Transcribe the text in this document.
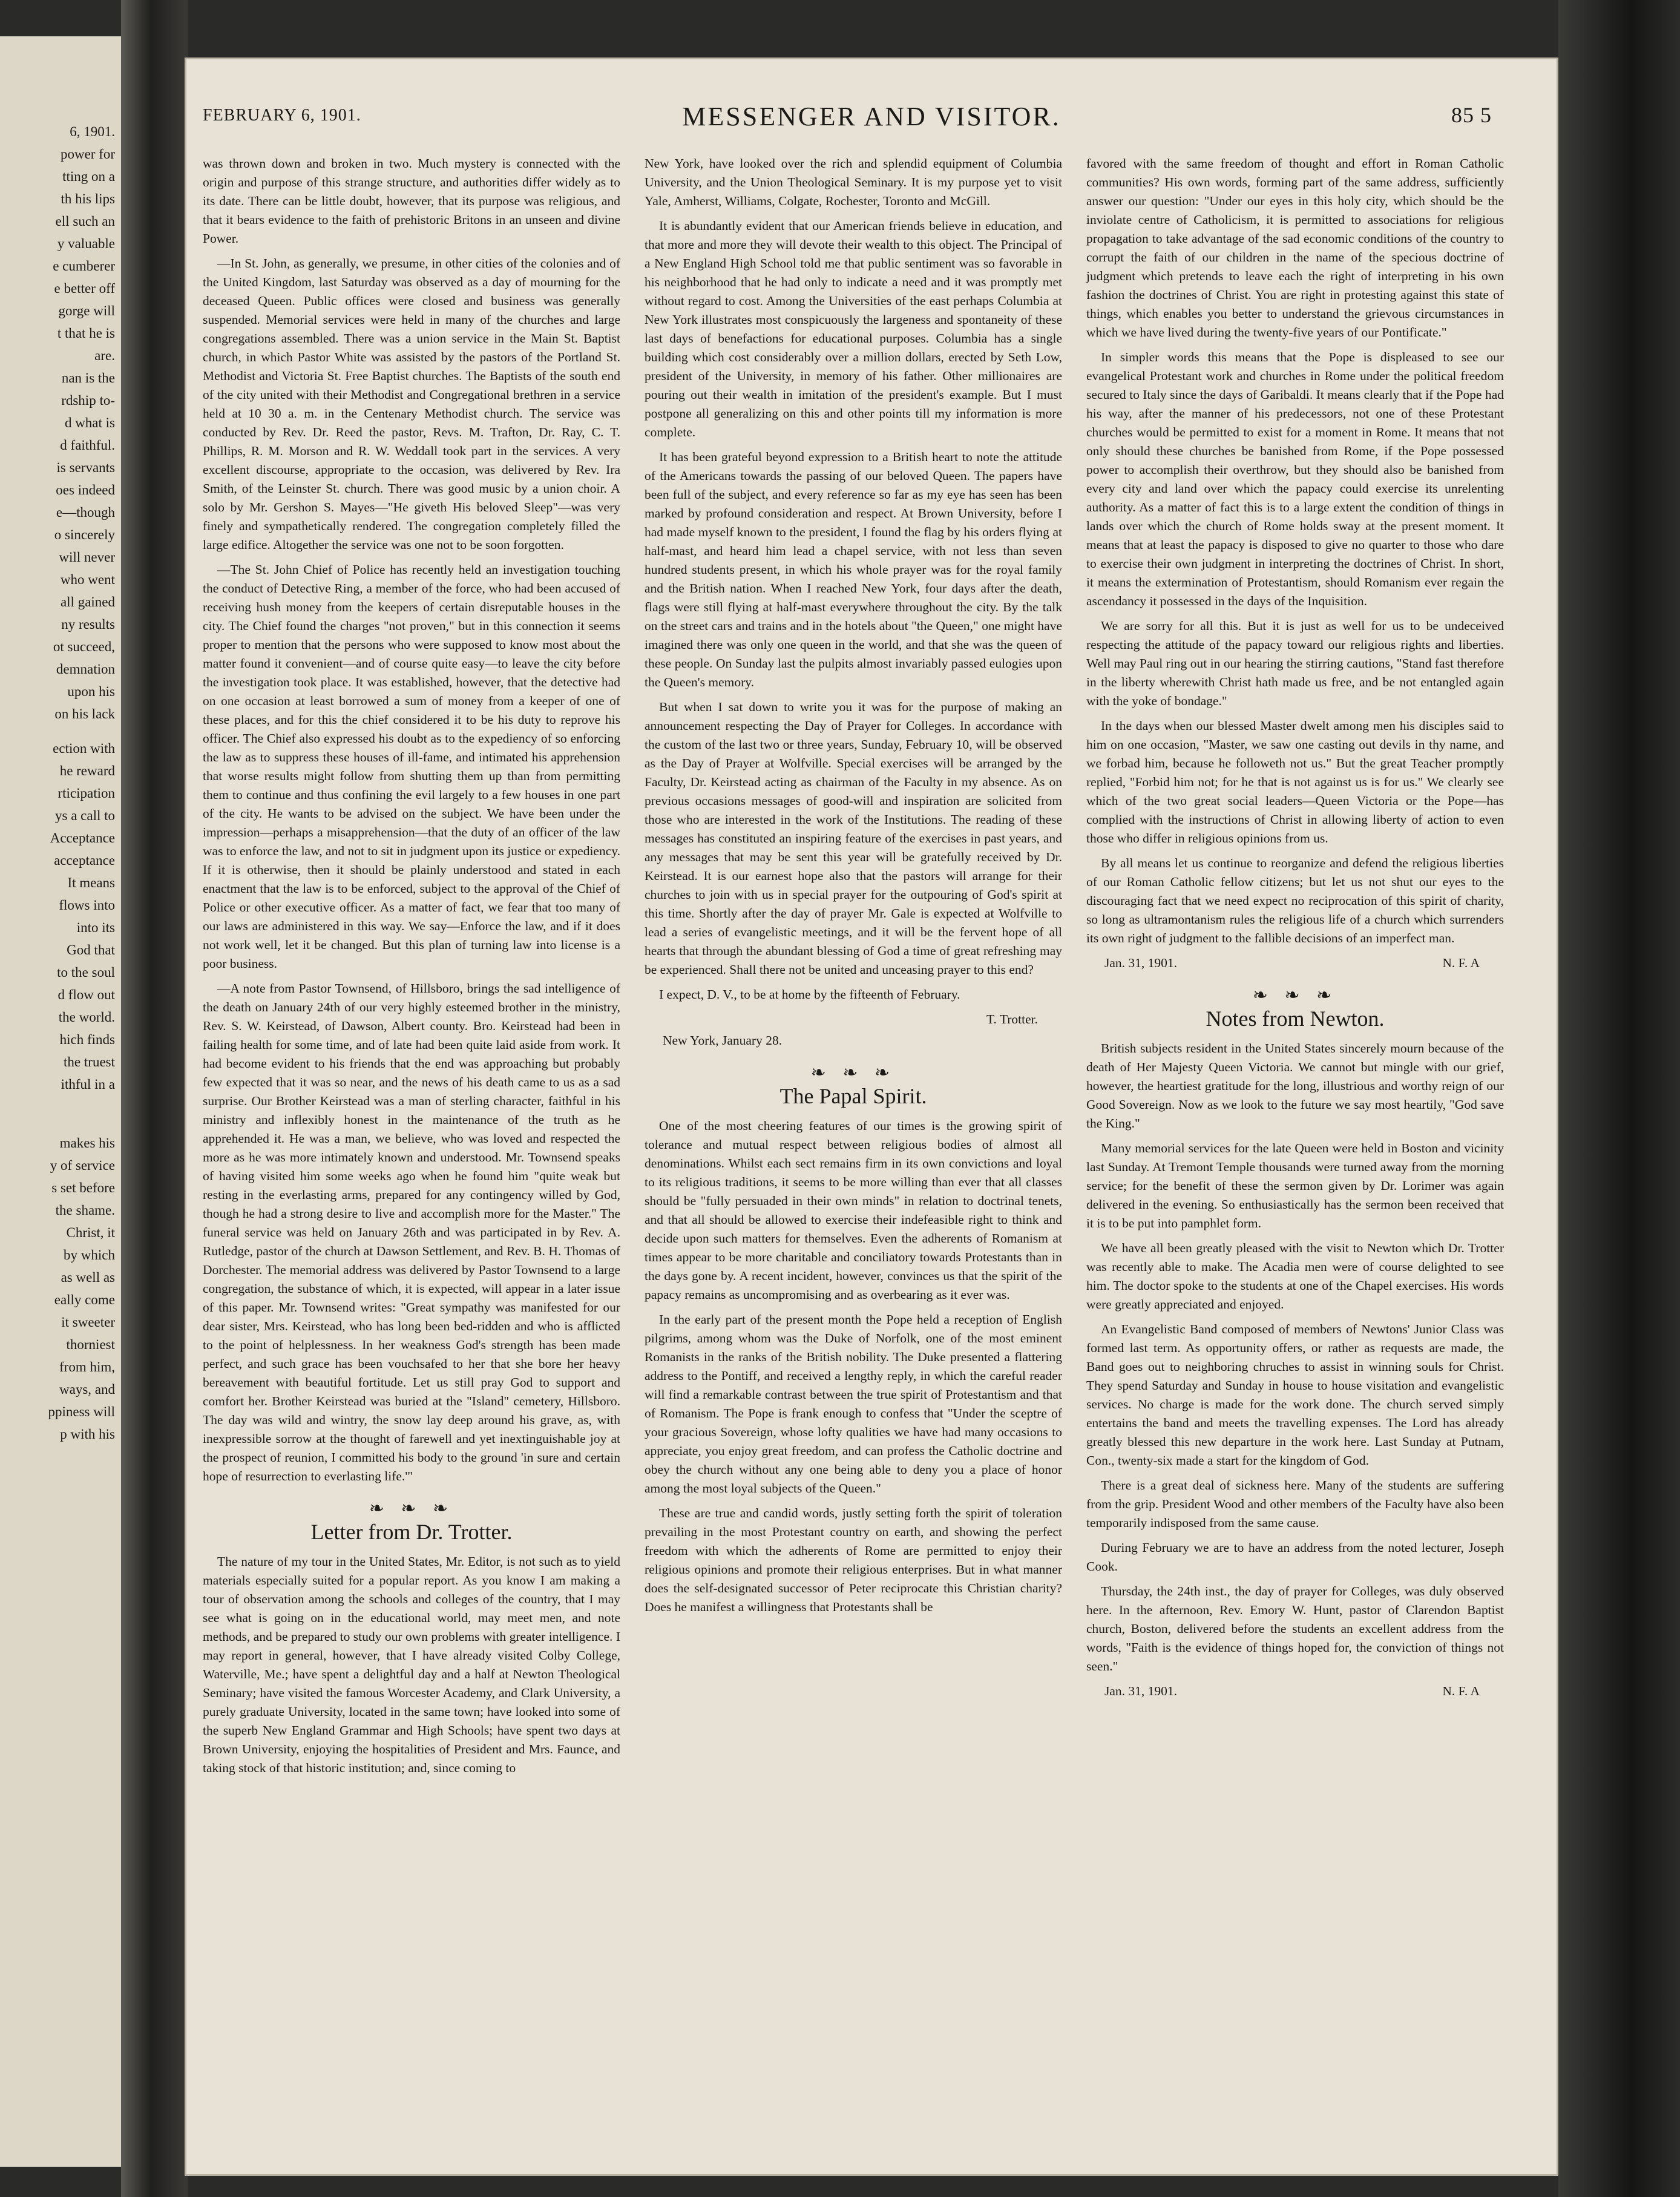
6, 1901.
power for
tting on a
th his lips
ell such an
y valuable
e cumberer
e better off
gorge will
t that he is
are.
nan is the
rdship to-
d what is
d faithful.
is servants
oes indeed
e—though
o sincerely
will never
who went
all gained
ny results
ot succeed,
demnation
upon his
on his lack
ection with
he reward
rticipation
ys a call to
Acceptance
acceptance
It means
flows into
into its
God that
to the soul
d flow out
the world.
hich finds
the truest
ithful in a
makes his
y of service
s set before
the shame.
Christ, it
by which
as well as
eally come
it sweeter
thorniest
from him,
ways, and
ppiness will
p with his
FEBRUARY 6, 1901.	MESSENGER AND VISITOR.	85 5

was thrown down and broken in two. Much mystery is connected with the origin and purpose of this strange structure, and authorities differ widely as to its date. There can be little doubt, however, that its purpose was religious, and that it bears evidence to the faith of prehistoric Britons in an unseen and divine Power.

—In St. John, as generally, we presume, in other cities of the colonies and of the United Kingdom, last Saturday was observed as a day of mourning for the deceased Queen. Public offices were closed and business was generally suspended. Memorial services were held in many of the churches and large congregations assembled. There was a union service in the Main St. Baptist church, in which Pastor White was assisted by the pastors of the Portland St. Methodist and Victoria St. Free Baptist churches. The Baptists of the south end of the city united with their Methodist and Congregational brethren in a service held at 10 30 a. m. in the Centenary Methodist church. The service was conducted by Rev. Dr. Reed the pastor, Revs. M. Trafton, Dr. Ray, C. T. Phillips, R. M. Morson and R. W. Weddall took part in the services. A very excellent discourse, appropriate to the occasion, was delivered by Rev. Ira Smith, of the Leinster St. church. There was good music by a union choir. A solo by Mr. Gershon S. Mayes—"He giveth His beloved Sleep"—was very finely and sympathetically rendered. The congregation completely filled the large edifice. Altogether the service was one not to be soon forgotten.

—The St. John Chief of Police has recently held an investigation touching the conduct of Detective Ring, a member of the force, who had been accused of receiving hush money from the keepers of certain disreputable houses in the city. The Chief found the charges "not proven," but in this connection it seems proper to mention that the persons who were supposed to know most about the matter found it convenient—and of course quite easy—to leave the city before the investigation took place. It was established, however, that the detective had on one occasion at least borrowed a sum of money from a keeper of one of these places, and for this the chief considered it to be his duty to reprove his officer. The Chief also expressed his doubt as to the expediency of so enforcing the law as to suppress these houses of ill-fame, and intimated his apprehension that worse results might follow from shutting them up than from permitting them to continue and thus confining the evil largely to a few houses in one part of the city. He wants to be advised on the subject. We have been under the impression—perhaps a misapprehension—that the duty of an officer of the law was to enforce the law, and not to sit in judgment upon its justice or expediency. If it is otherwise, then it should be plainly understood and stated in each enactment that the law is to be enforced, subject to the approval of the Chief of Police or other executive officer. As a matter of fact, we fear that too many of our laws are administered in this way. We say—Enforce the law, and if it does not work well, let it be changed. But this plan of turning law into license is a poor business.

—A note from Pastor Townsend, of Hillsboro, brings the sad intelligence of the death on January 24th of our very highly esteemed brother in the ministry, Rev. S. W. Keirstead, of Dawson, Albert county. Bro. Keirstead had been in failing health for some time, and of late had been quite laid aside from work. It had become evident to his friends that the end was approaching but probably few expected that it was so near, and the news of his death came to us as a sad surprise. Our Brother Keirstead was a man of sterling character, faithful in his ministry and inflexibly honest in the maintenance of the truth as he apprehended it. He was a man, we believe, who was loved and respected the more as he was more intimately known and understood. Mr. Townsend speaks of having visited him some weeks ago when he found him "quite weak but resting in the everlasting arms, prepared for any contingency willed by God, though he had a strong desire to live and accomplish more for the Master." The funeral service was held on January 26th and was participated in by Rev. A. Rutledge, pastor of the church at Dawson Settlement, and Rev. B. H. Thomas of Dorchester. The memorial address was delivered by Pastor Townsend to a large congregation, the substance of which, it is expected, will appear in a later issue of this paper. Mr. Townsend writes: "Great sympathy was manifested for our dear sister, Mrs. Keirstead, who has long been bed-ridden and who is afflicted to the point of helplessness. In her weakness God's strength has been made perfect, and such grace has been vouchsafed to her that she bore her heavy bereavement with beautiful fortitude. Let us still pray God to support and comfort her. Brother Keirstead was buried at the "Island" cemetery, Hillsboro. The day was wild and wintry, the snow lay deep around his grave, as, with inexpressible sorrow at the thought of farewell and yet inextinguishable joy at the prospect of reunion, I committed his body to the ground 'in sure and certain hope of resurrection to everlasting life.'"

❧ ❧ ❧
Letter from Dr. Trotter.

The nature of my tour in the United States, Mr. Editor, is not such as to yield materials especially suited for a popular report. As you know I am making a tour of observation among the schools and colleges of the country, that I may see what is going on in the educational world, may meet men, and note methods, and be prepared to study our own problems with greater intelligence. I may report in general, however, that I have already visited Colby College, Waterville, Me.; have spent a delightful day and a half at Newton Theological Seminary; have visited the famous Worcester Academy, and Clark University, a purely graduate University, located in the same town; have looked into some of the superb New England Grammar and High Schools; have spent two days at Brown University, enjoying the hospitalities of President and Mrs. Faunce, and taking stock of that historic institution; and, since coming to

New York, have looked over the rich and splendid equipment of Columbia University, and the Union Theological Seminary. It is my purpose yet to visit Yale, Amherst, Williams, Colgate, Rochester, Toronto and McGill.

It is abundantly evident that our American friends believe in education, and that more and more they will devote their wealth to this object. The Principal of a New England High School told me that public sentiment was so favorable in his neighborhood that he had only to indicate a need and it was promptly met without regard to cost. Among the Universities of the east perhaps Columbia at New York illustrates most conspicuously the largeness and spontaneity of these last days of benefactions for educational purposes. Columbia has a single building which cost considerably over a million dollars, erected by Seth Low, president of the University, in memory of his father. Other millionaires are pouring out their wealth in imitation of the president's example. But I must postpone all generalizing on this and other points till my information is more complete.

It has been grateful beyond expression to a British heart to note the attitude of the Americans towards the passing of our beloved Queen. The papers have been full of the subject, and every reference so far as my eye has seen has been marked by profound consideration and respect. At Brown University, before I had made myself known to the president, I found the flag by his orders flying at half-mast, and heard him lead a chapel service, with not less than seven hundred students present, in which his whole prayer was for the royal family and the British nation. When I reached New York, four days after the death, flags were still flying at half-mast everywhere throughout the city. By the talk on the street cars and trains and in the hotels about "the Queen," one might have imagined there was only one queen in the world, and that she was the queen of these people. On Sunday last the pulpits almost invariably passed eulogies upon the Queen's memory.

But when I sat down to write you it was for the purpose of making an announcement respecting the Day of Prayer for Colleges. In accordance with the custom of the last two or three years, Sunday, February 10, will be observed as the Day of Prayer at Wolfville. Special exercises will be arranged by the Faculty, Dr. Keirstead acting as chairman of the Faculty in my absence. As on previous occasions messages of good-will and inspiration are solicited from those who are interested in the work of the Institutions. The reading of these messages has constituted an inspiring feature of the exercises in past years, and any messages that may be sent this year will be gratefully received by Dr. Keirstead. It is our earnest hope also that the pastors will arrange for their churches to join with us in special prayer for the outpouring of God's spirit at this time. Shortly after the day of prayer Mr. Gale is expected at Wolfville to lead a series of evangelistic meetings, and it will be the fervent hope of all hearts that through the abundant blessing of God a time of great refreshing may be experienced. Shall there not be united and unceasing prayer to this end?

I expect, D. V., to be at home by the fifteenth of February.

T. Trotter.
New York, January 28.
❧ ❧ ❧
The Papal Spirit.

One of the most cheering features of our times is the growing spirit of tolerance and mutual respect between religious bodies of almost all denominations. Whilst each sect remains firm in its own convictions and loyal to its religious traditions, it seems to be more willing than ever that all classes should be "fully persuaded in their own minds" in relation to doctrinal tenets, and that all should be allowed to exercise their indefeasible right to think and decide upon such matters for themselves. Even the adherents of Romanism at times appear to be more charitable and conciliatory towards Protestants than in the days gone by. A recent incident, however, convinces us that the spirit of the papacy remains as uncompromising and as overbearing as it ever was.

In the early part of the present month the Pope held a reception of English pilgrims, among whom was the Duke of Norfolk, one of the most eminent Romanists in the ranks of the British nobility. The Duke presented a flattering address to the Pontiff, and received a lengthy reply, in which the careful reader will find a remarkable contrast between the true spirit of Protestantism and that of Romanism. The Pope is frank enough to confess that "Under the sceptre of your gracious Sovereign, whose lofty qualities we have had many occasions to appreciate, you enjoy great freedom, and can profess the Catholic doctrine and obey the church without any one being able to deny you a place of honor among the most loyal subjects of the Queen."

These are true and candid words, justly setting forth the spirit of toleration prevailing in the most Protestant country on earth, and showing the perfect freedom with which the adherents of Rome are permitted to enjoy their religious opinions and promote their religious enterprises. But in what manner does the self-designated successor of Peter reciprocate this Christian charity? Does he manifest a willingness that Protestants shall be

favored with the same freedom of thought and effort in Roman Catholic communities? His own words, forming part of the same address, sufficiently answer our question: "Under our eyes in this holy city, which should be the inviolate centre of Catholicism, it is permitted to associations for religious propagation to take advantage of the sad economic conditions of the country to corrupt the faith of our children in the name of the specious doctrine of judgment which pretends to leave each the right of interpreting in his own fashion the doctrines of Christ. You are right in protesting against this state of things, which enables you better to understand the grievous circumstances in which we have lived during the twenty-five years of our Pontificate."

In simpler words this means that the Pope is displeased to see our evangelical Protestant work and churches in Rome under the political freedom secured to Italy since the days of Garibaldi. It means clearly that if the Pope had his way, after the manner of his predecessors, not one of these Protestant churches would be permitted to exist for a moment in Rome. It means that not only should these churches be banished from Rome, if the Pope possessed power to accomplish their overthrow, but they should also be banished from every city and land over which the papacy could exercise its unrelenting authority. As a matter of fact this is to a large extent the condition of things in lands over which the church of Rome holds sway at the present moment. It means that at least the papacy is disposed to give no quarter to those who dare to exercise their own judgment in interpreting the doctrines of Christ. In short, it means the extermination of Protestantism, should Romanism ever regain the ascendancy it possessed in the days of the Inquisition.

We are sorry for all this. But it is just as well for us to be undeceived respecting the attitude of the papacy toward our religious rights and liberties. Well may Paul ring out in our hearing the stirring cautions, "Stand fast therefore in the liberty wherewith Christ hath made us free, and be not entangled again with the yoke of bondage."

In the days when our blessed Master dwelt among men his disciples said to him on one occasion, "Master, we saw one casting out devils in thy name, and we forbad him, because he followeth not us." But the great Teacher promptly replied, "Forbid him not; for he that is not against us is for us." We clearly see which of the two great social leaders—Queen Victoria or the Pope—has complied with the instructions of Christ in allowing liberty of action to even those who differ in religious opinions from us.

By all means let us continue to reorganize and defend the religious liberties of our Roman Catholic fellow citizens; but let us not shut our eyes to the discouraging fact that we need expect no reciprocation of this spirit of charity, so long as ultramontanism rules the religious life of a church which surrenders its own right of judgment to the fallible decisions of an imperfect man.

Jan. 31, 1901.	N. F. A
❧ ❧ ❧
Notes from Newton.

British subjects resident in the United States sincerely mourn because of the death of Her Majesty Queen Victoria. We cannot but mingle with our grief, however, the heartiest gratitude for the long, illustrious and worthy reign of our Good Sovereign. Now as we look to the future we say most heartily, "God save the King."

Many memorial services for the late Queen were held in Boston and vicinity last Sunday. At Tremont Temple thousands were turned away from the morning service; for the benefit of these the sermon given by Dr. Lorimer was again delivered in the evening. So enthusiastically has the sermon been received that it is to be put into pamphlet form.

We have all been greatly pleased with the visit to Newton which Dr. Trotter was recently able to make. The Acadia men were of course delighted to see him. The doctor spoke to the students at one of the Chapel exercises. His words were greatly appreciated and enjoyed.

An Evangelistic Band composed of members of Newtons' Junior Class was formed last term. As opportunity offers, or rather as requests are made, the Band goes out to neighboring chruches to assist in winning souls for Christ. They spend Saturday and Sunday in house to house visitation and evangelistic services. No charge is made for the work done. The church served simply entertains the band and meets the travelling expenses. The Lord has already greatly blessed this new departure in the work here. Last Sunday at Putnam, Con., twenty-six made a start for the kingdom of God.

There is a great deal of sickness here. Many of the students are suffering from the grip. President Wood and other members of the Faculty have also been temporarily indisposed from the same cause.

During February we are to have an address from the noted lecturer, Joseph Cook.

Thursday, the 24th inst., the day of prayer for Colleges, was duly observed here. In the afternoon, Rev. Emory W. Hunt, pastor of Clarendon Baptist church, Boston, delivered before the students an excellent address from the words, "Faith is the evidence of things hoped for, the conviction of things not seen."

Jan. 31, 1901.	N. F. A
